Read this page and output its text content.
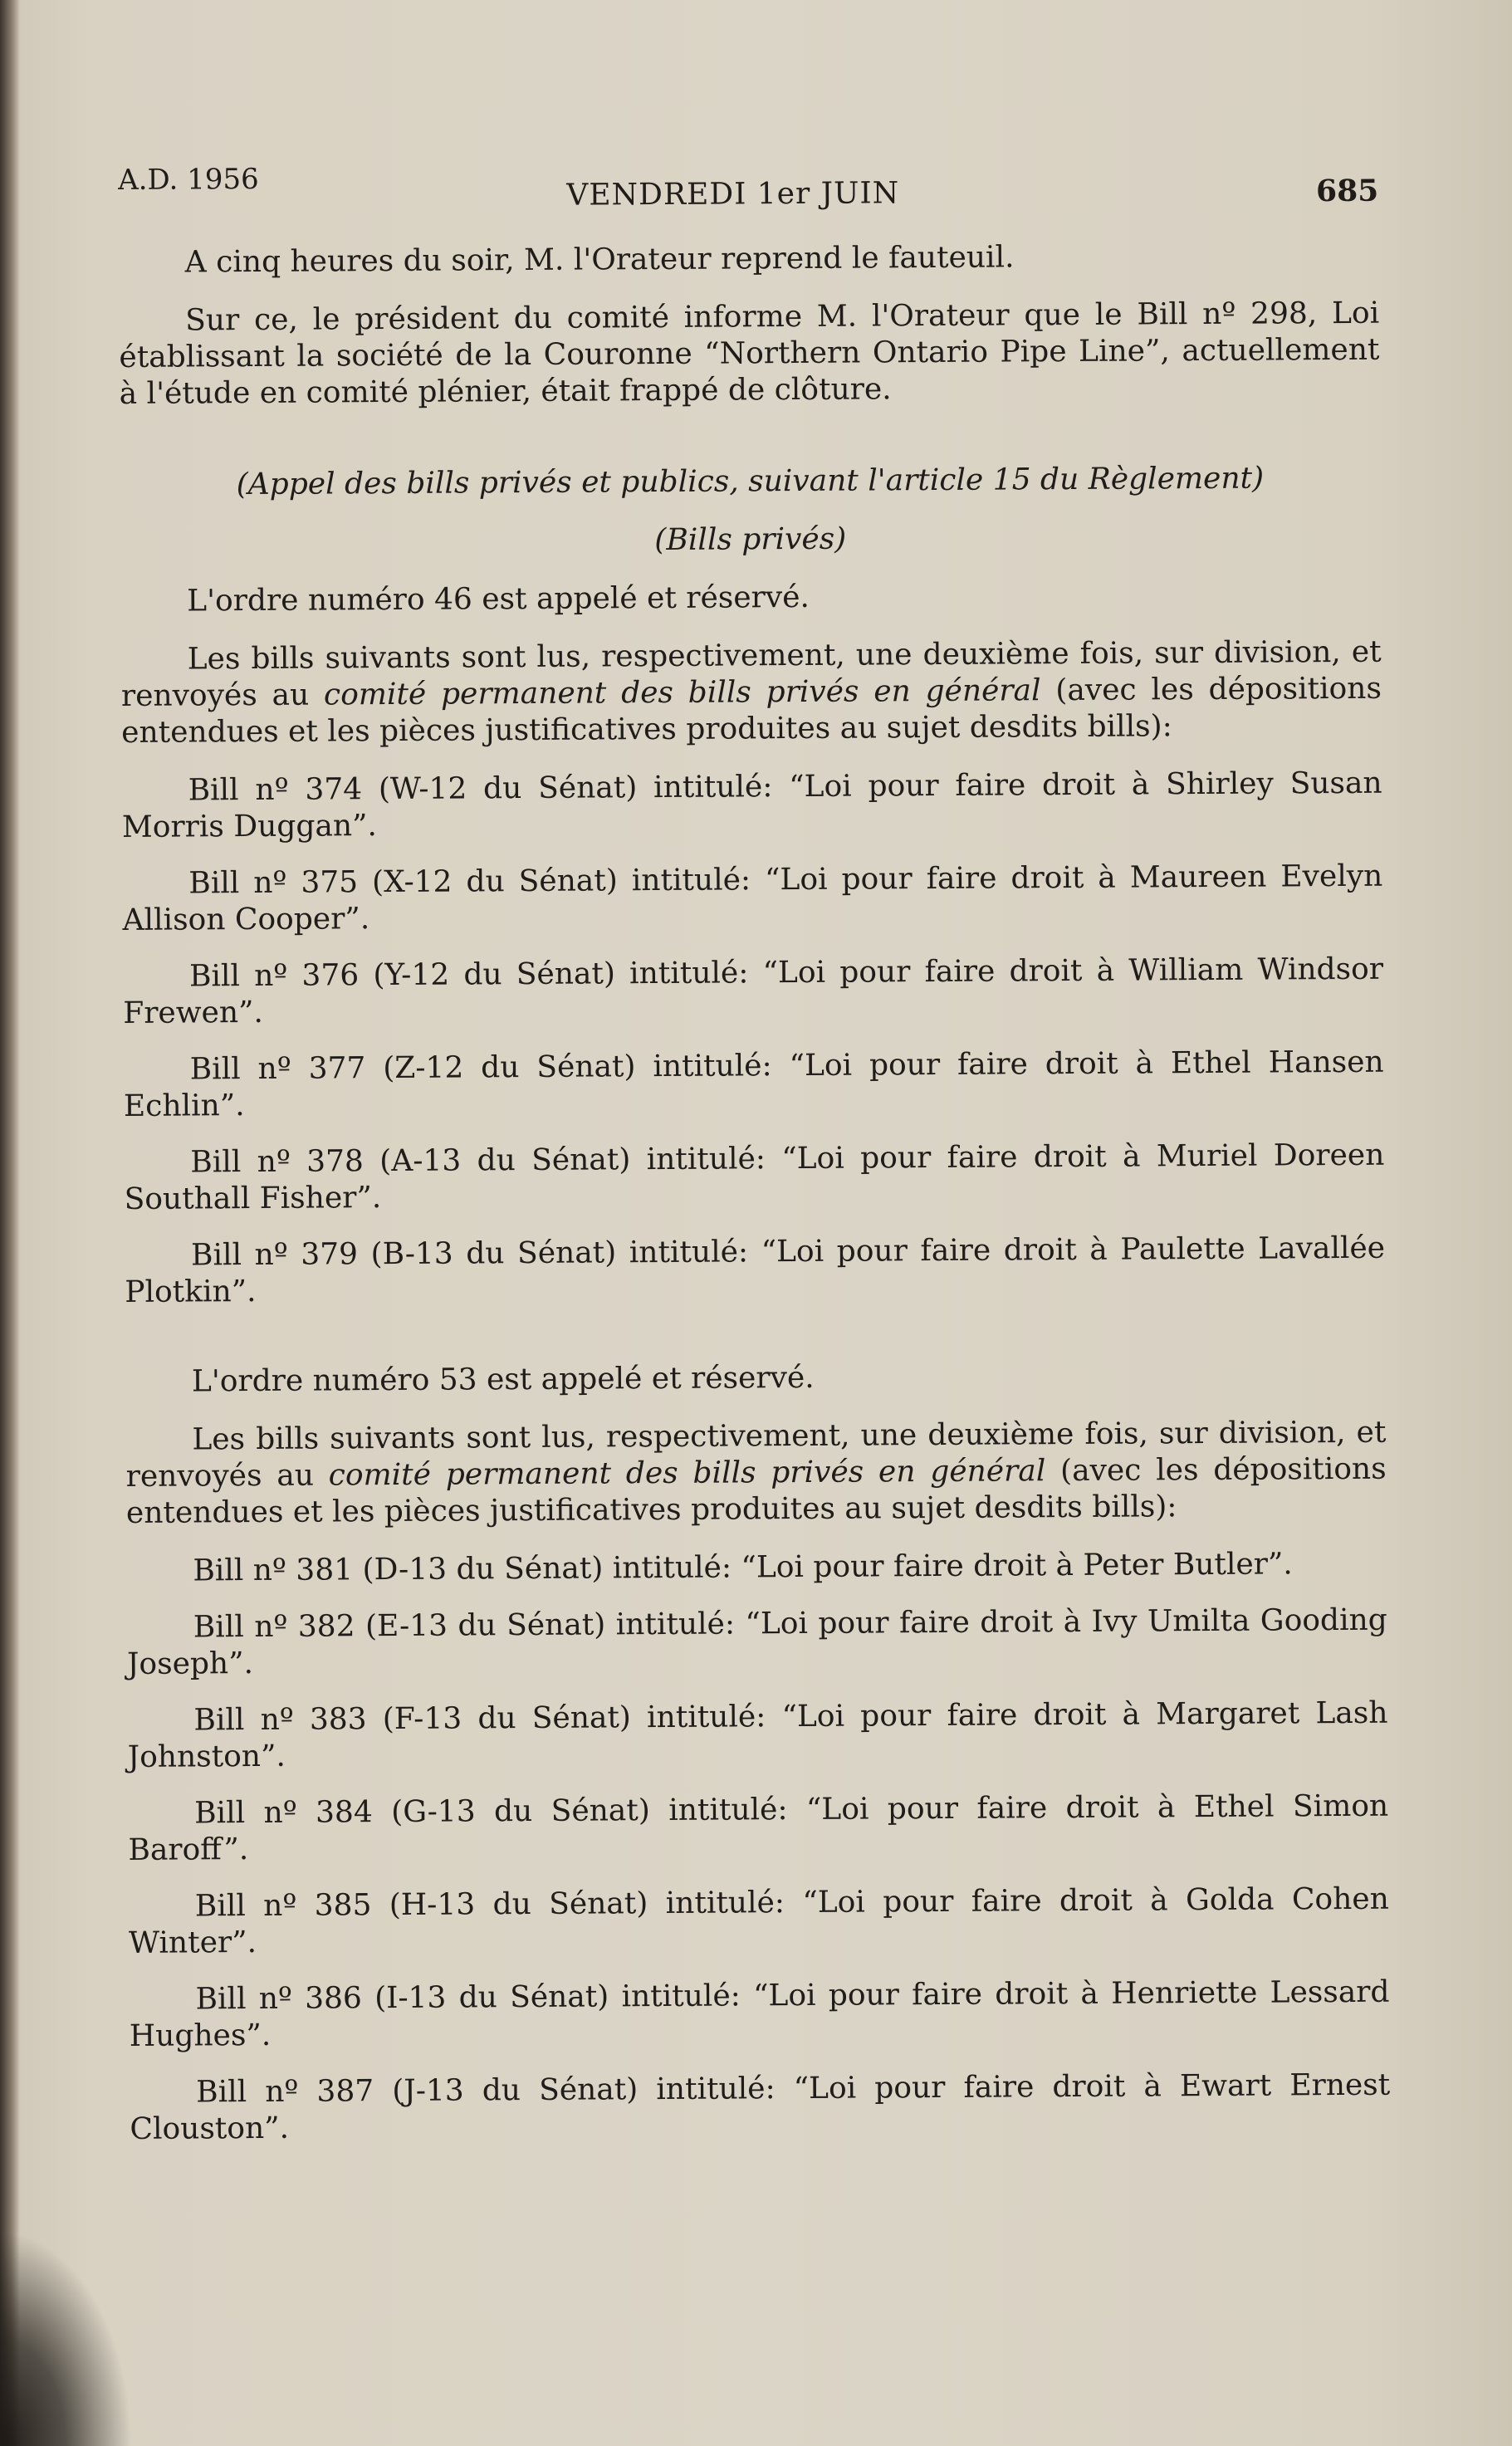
A.D. 1956	VENDREDI 1er JUIN	685

A cinq heures du soir, M. l'Orateur reprend le fauteuil.

Sur ce, le président du comité informe M. l'Orateur que le Bill nº 298, Loi établissant la société de la Couronne “Northern Ontario Pipe Line”, actuellement à l'étude en comité plénier, était frappé de clôture.

(Appel des bills privés et publics, suivant l'article 15 du Règlement)

(Bills privés)

L'ordre numéro 46 est appelé et réservé.

Les bills suivants sont lus, respectivement, une deuxième fois, sur division, et renvoyés au comité permanent des bills privés en général (avec les dépositions entendues et les pièces justificatives produites au sujet desdits bills):

Bill nº 374 (W-12 du Sénat) intitulé: “Loi pour faire droit à Shirley Susan Morris Duggan”.

Bill nº 375 (X-12 du Sénat) intitulé: “Loi pour faire droit à Maureen Evelyn Allison Cooper”.

Bill nº 376 (Y-12 du Sénat) intitulé: “Loi pour faire droit à William Windsor Frewen”.

Bill nº 377 (Z-12 du Sénat) intitulé: “Loi pour faire droit à Ethel Hansen Echlin”.

Bill nº 378 (A-13 du Sénat) intitulé: “Loi pour faire droit à Muriel Doreen Southall Fisher”.

Bill nº 379 (B-13 du Sénat) intitulé: “Loi pour faire droit à Paulette Lavallée Plotkin”.

L'ordre numéro 53 est appelé et réservé.

Les bills suivants sont lus, respectivement, une deuxième fois, sur division, et renvoyés au comité permanent des bills privés en général (avec les dépositions entendues et les pièces justificatives produites au sujet desdits bills):

Bill nº 381 (D-13 du Sénat) intitulé: “Loi pour faire droit à Peter Butler”.

Bill nº 382 (E-13 du Sénat) intitulé: “Loi pour faire droit à Ivy Umilta Gooding Joseph”.

Bill nº 383 (F-13 du Sénat) intitulé: “Loi pour faire droit à Margaret Lash Johnston”.

Bill nº 384 (G-13 du Sénat) intitulé: “Loi pour faire droit à Ethel Simon Baroff”.

Bill nº 385 (H-13 du Sénat) intitulé: “Loi pour faire droit à Golda Cohen Winter”.

Bill nº 386 (I-13 du Sénat) intitulé: “Loi pour faire droit à Henriette Lessard Hughes”.

Bill nº 387 (J-13 du Sénat) intitulé: “Loi pour faire droit à Ewart Ernest Clouston”.
